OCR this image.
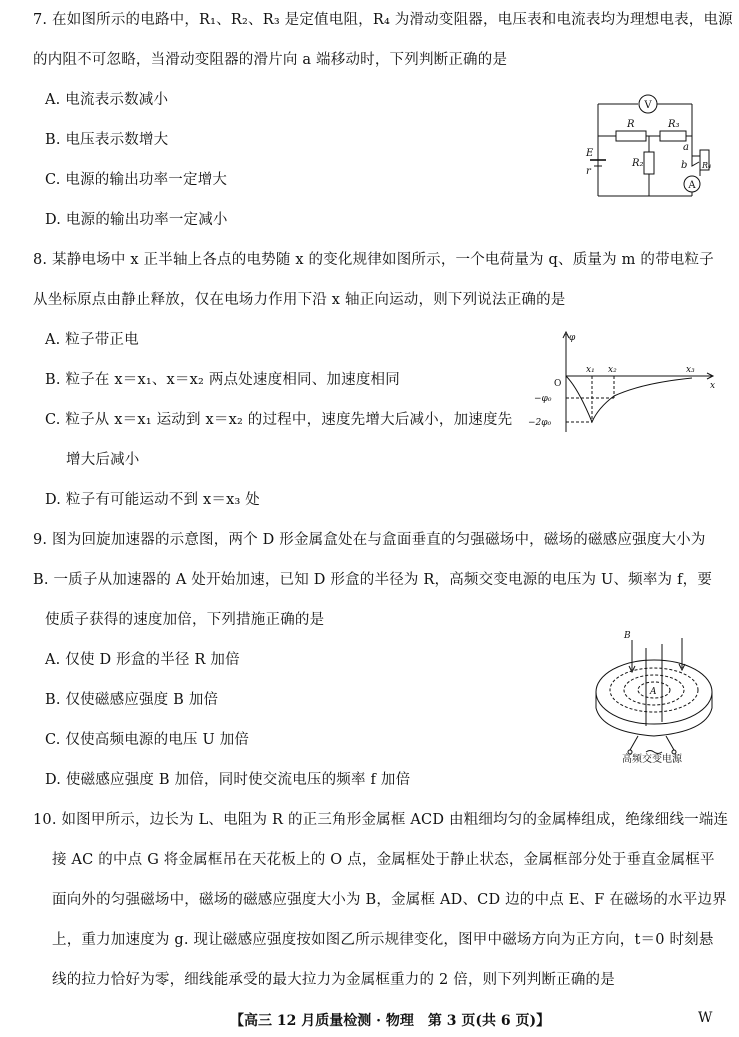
7. 在如图所示的电路中，R₁、R₂、R₃ 是定值电阻，R₄ 为滑动变阻器，电压表和电流表均为理想电表，电源
的内阻不可忽略，当滑动变阻器的滑片向 a 端移动时，下列判断正确的是
A. 电流表示数减小
B. 电压表示数增大
C. 电源的输出功率一定增大
D. 电源的输出功率一定减小
V
A
R	R₃
R₂	R₄
a
b
E
r
8. 某静电场中 x 正半轴上各点的电势随 x 的变化规律如图所示，一个电荷量为 q、质量为 m 的带电粒子
从坐标原点由静止释放，仅在电场力作用下沿 x 轴正向运动，则下列说法正确的是
A. 粒子带正电
B. 粒子在 x＝x₁、x＝x₂ 两点处速度相同、加速度相同
C. 粒子从 x＝x₁ 运动到 x＝x₂ 的过程中，速度先增大后减小，加速度先
增大后减小
D. 粒子有可能运动不到 x＝x₃ 处
φ
x
O
x₁ x₂	x₃
−φ₀
−2φ₀
9. 图为回旋加速器的示意图，两个 D 形金属盒处在与盒面垂直的匀强磁场中，磁场的磁感应强度大小为
B. 一质子从加速器的 A 处开始加速，已知 D 形盒的半径为 R，高频交变电源的电压为 U、频率为 f，要
使质子获得的速度加倍，下列措施正确的是
A. 仅使 D 形盒的半径 R 加倍
B. 仅使磁感应强度 B 加倍
C. 仅使高频电源的电压 U 加倍
D. 使磁感应强度 B 加倍，同时使交流电压的频率 f 加倍
B
A
高频交变电源
10. 如图甲所示，边长为 L、电阻为 R 的正三角形金属框 ACD 由粗细均匀的金属棒组成，绝缘细线一端连
接 AC 的中点 G 将金属框吊在天花板上的 O 点，金属框处于静止状态，金属框部分处于垂直金属框平
面向外的匀强磁场中，磁场的磁感应强度大小为 B，金属框 AD、CD 边的中点 E、F 在磁场的水平边界
上，重力加速度为 g. 现让磁感应强度按如图乙所示规律变化，图甲中磁场方向为正方向，t＝0 时刻悬
线的拉力恰好为零，细线能承受的最大拉力为金属框重力的 2 倍，则下列判断正确的是
【高三 12 月质量检测 · 物理　第 3 页(共 6 页)】	W
